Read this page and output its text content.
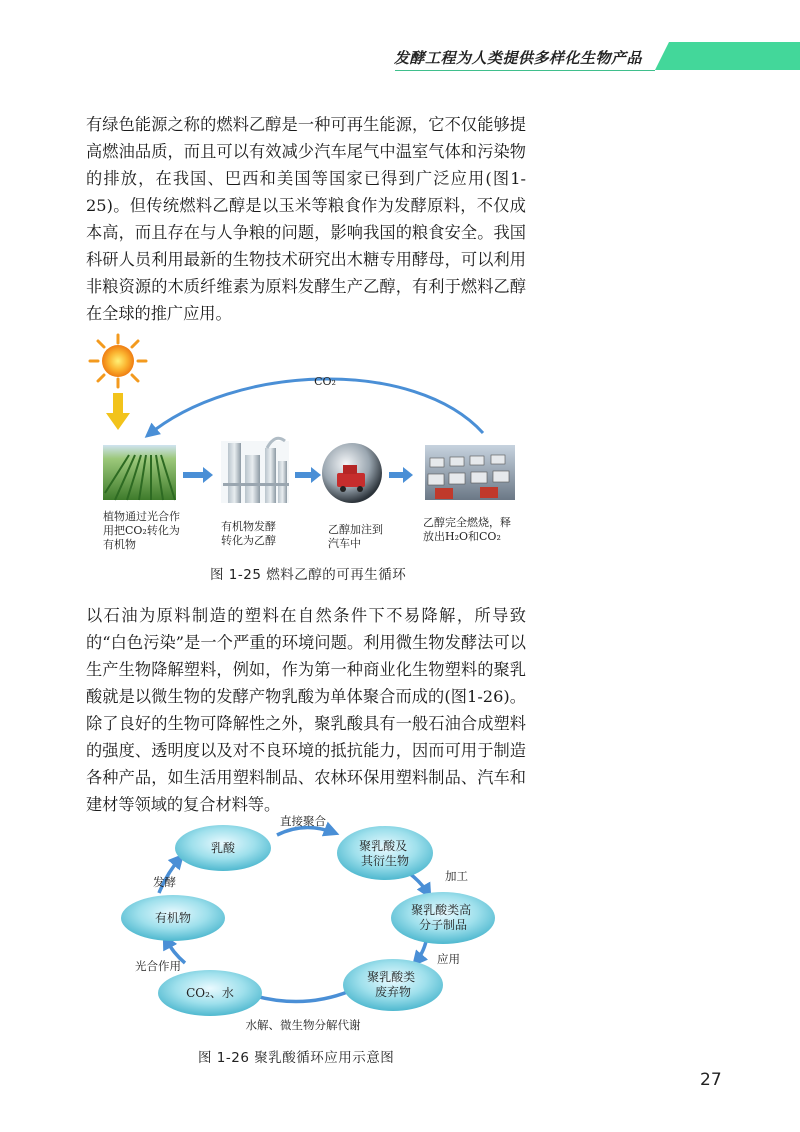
发酵工程为人类提供多样化生物产品

有绿色能源之称的燃料乙醇是一种可再生能源，它不仅能够提高燃油品质，而且可以有效减少汽车尾气中温室气体和污染物的排放，在我国、巴西和美国等国家已得到广泛应用(图1-25)。但传统燃料乙醇是以玉米等粮食作为发酵原料，不仅成本高，而且存在与人争粮的问题，影响我国的粮食安全。我国科研人员利用最新的生物技术研究出木糖专用酵母，可以利用非粮资源的木质纤维素为原料发酵生产乙醇，有利于燃料乙醇在全球的推广应用。

CO₂
植物通过光合作 用把CO₂转化为 有机物
有机物发酵 转化为乙醇
乙醇加注到 汽车中
乙醇完全燃烧，释 放出H₂O和CO₂
图 1-25 燃料乙醇的可再生循环

以石油为原料制造的塑料在自然条件下不易降解，所导致的“白色污染”是一个严重的环境问题。利用微生物发酵法可以生产生物降解塑料，例如，作为第一种商业化生物塑料的聚乳酸就是以微生物的发酵产物乳酸为单体聚合而成的(图1-26)。除了良好的生物可降解性之外，聚乳酸具有一般石油合成塑料的强度、透明度以及对不良环境的抵抗能力，因而可用于制造各种产品，如生活用塑料制品、农林环保用塑料制品、汽车和建材等领域的复合材料等。

乳酸	聚乳酸及 其衍生物
聚乳酸类高 分子制品
聚乳酸类 废弃物
CO₂、水
有机物
直接聚合
加工
应用
水解、微生物分解代谢
光合作用
发酵
图 1-26 聚乳酸循环应用示意图
27
